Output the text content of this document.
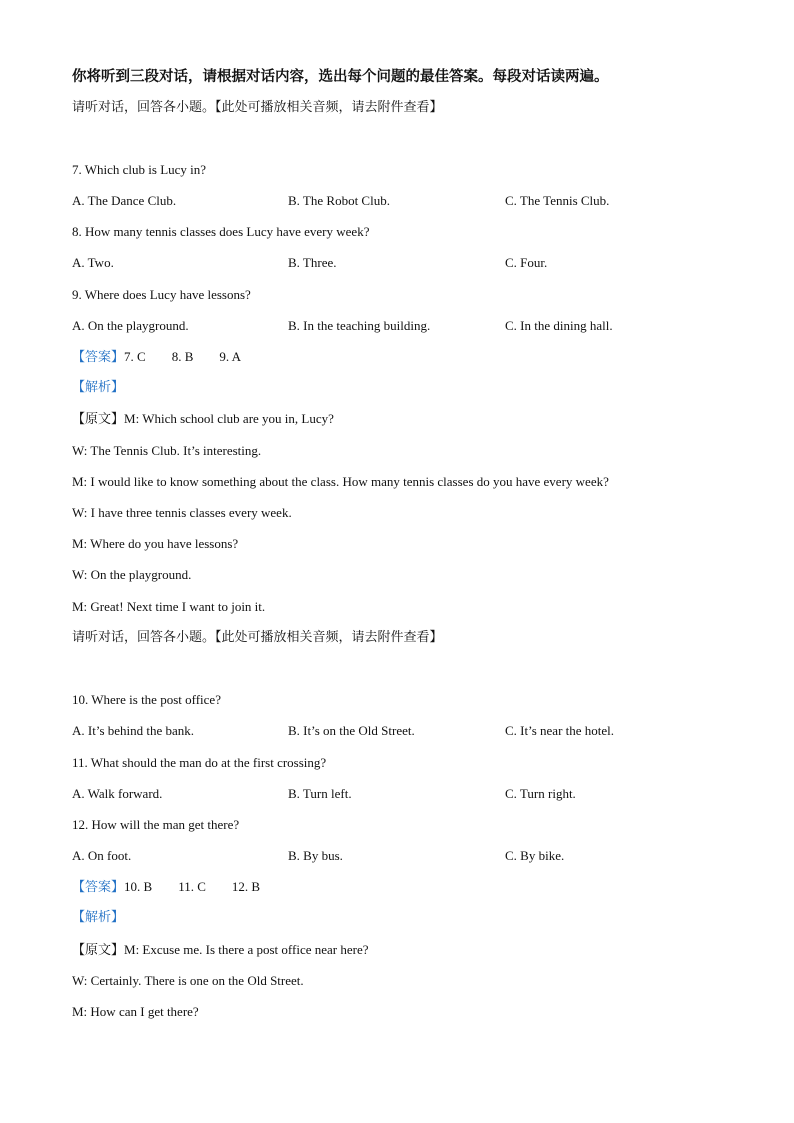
你将听到三段对话，请根据对话内容，选出每个问题的最佳答案。每段对话读两遍。
请听对话，回答各小题。【此处可播放相关音频，请去附件查看】
7. Which club is Lucy in?
A. The Dance Club.	B. The Robot Club.	C. The Tennis Club.
8. How many tennis classes does Lucy have every week?
A. Two.	B. Three.	C. Four.
9. Where does Lucy have lessons?
A. On the playground.	B. In the teaching building.	C. In the dining hall.
【答案】7. C 8. B 9. A
【解析】
【原文】M: Which school club are you in, Lucy?
W: The Tennis Club. It’s interesting.
M: I would like to know something about the class. How many tennis classes do you have every week?
W: I have three tennis classes every week.
M: Where do you have lessons?
W: On the playground.
M: Great! Next time I want to join it.
请听对话，回答各小题。【此处可播放相关音频，请去附件查看】
10. Where is the post office?
A. It’s behind the bank.	B. It’s on the Old Street.	C. It’s near the hotel.
11. What should the man do at the first crossing?
A. Walk forward.	B. Turn left.	C. Turn right.
12. How will the man get there?
A. On foot.	B. By bus.	C. By bike.
【答案】10. B 11. C 12. B
【解析】
【原文】M: Excuse me. Is there a post office near here?
W: Certainly. There is one on the Old Street.
M: How can I get there?
